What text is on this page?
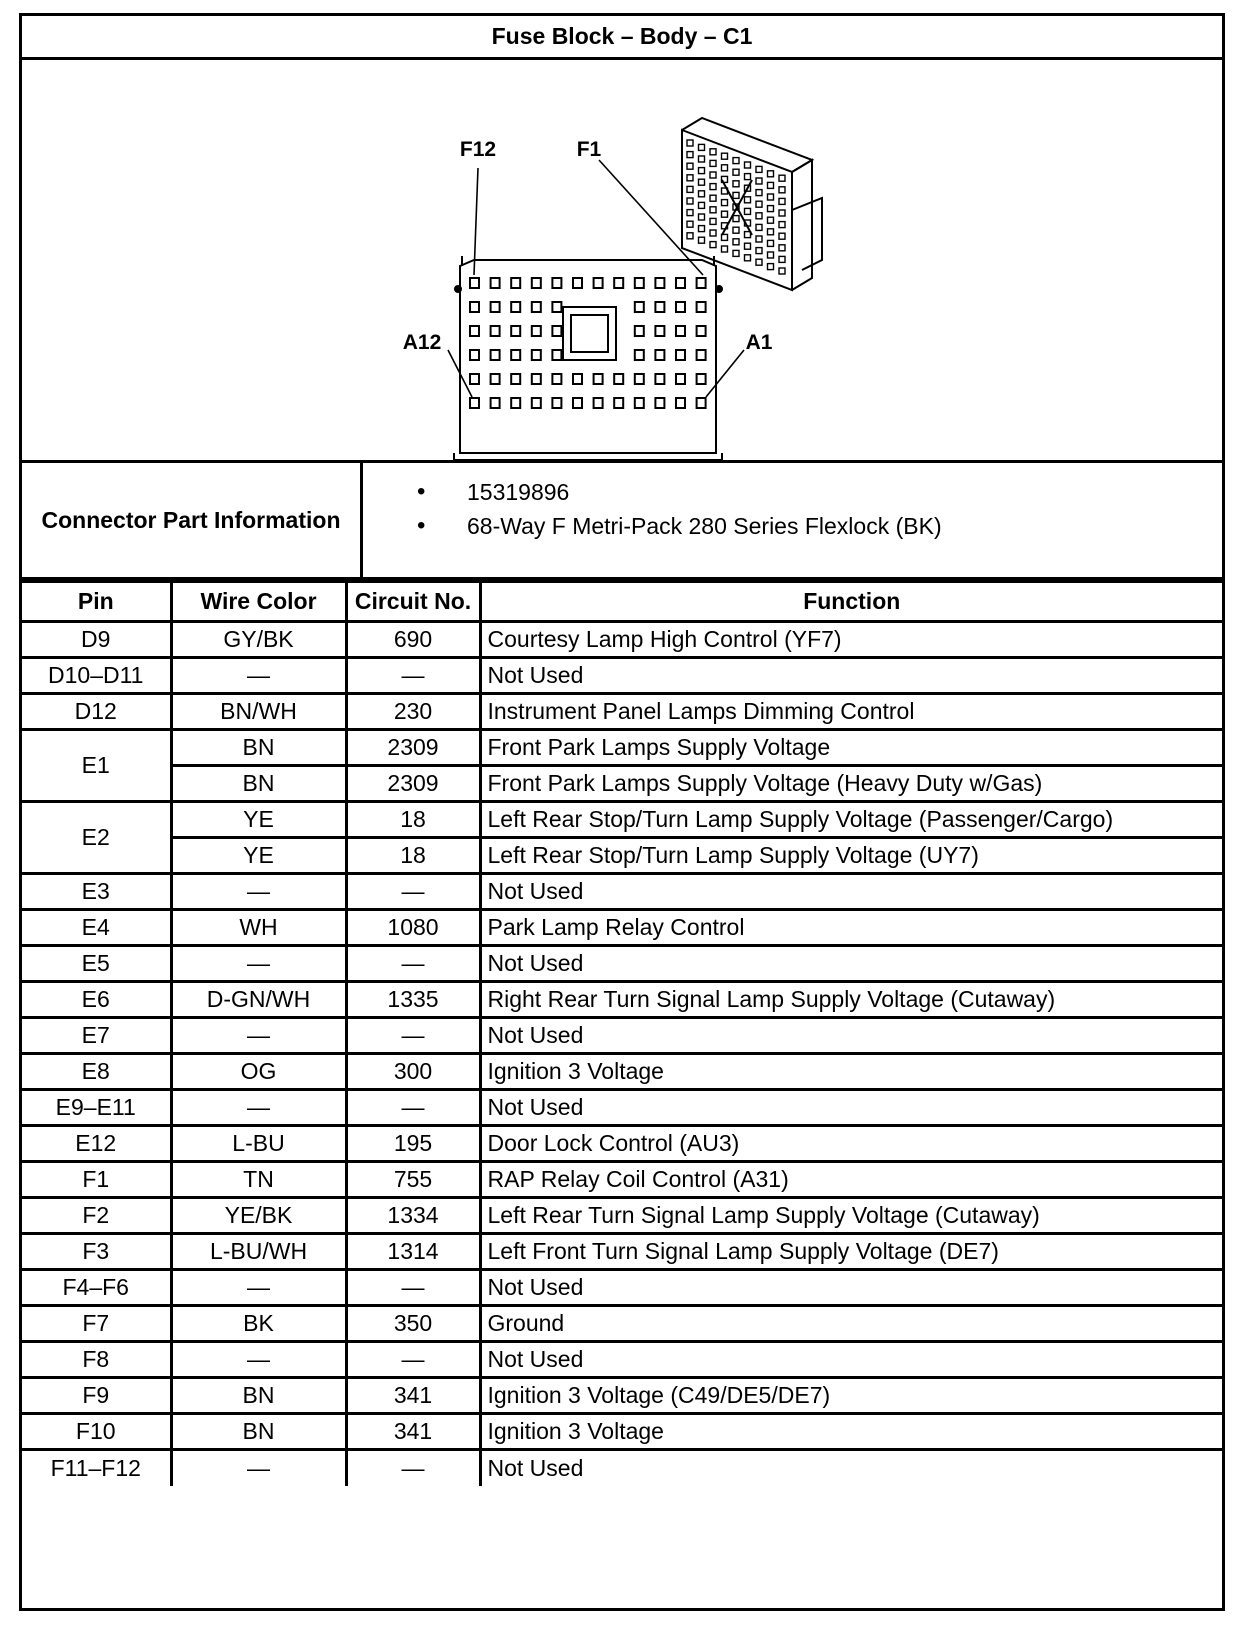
Fuse Block – Body – C1
F12	F1
A12	A1
Connector Part Information
• 15319896
• 68-Way F Metri-Pack 280 Series Flexlock (BK)
Pin	Wire Color	Circuit No.	Function
D9	GY/BK	690	Courtesy Lamp High Control (YF7)
D10–D11	—	—	Not Used
D12	BN/WH	230	Instrument Panel Lamps Dimming Control
E1	BN	2309	Front Park Lamps Supply Voltage
	BN	2309	Front Park Lamps Supply Voltage (Heavy Duty w/Gas)
E2	YE	18	Left Rear Stop/Turn Lamp Supply Voltage (Passenger/Cargo)
	YE	18	Left Rear Stop/Turn Lamp Supply Voltage (UY7)
E3	—	—	Not Used
E4	WH	1080	Park Lamp Relay Control
E5	—	—	Not Used
E6	D-GN/WH	1335	Right Rear Turn Signal Lamp Supply Voltage (Cutaway)
E7	—	—	Not Used
E8	OG	300	Ignition 3 Voltage
E9–E11	—	—	Not Used
E12	L-BU	195	Door Lock Control (AU3)
F1	TN	755	RAP Relay Coil Control (A31)
F2	YE/BK	1334	Left Rear Turn Signal Lamp Supply Voltage (Cutaway)
F3	L-BU/WH	1314	Left Front Turn Signal Lamp Supply Voltage (DE7)
F4–F6	—	—	Not Used
F7	BK	350	Ground
F8	—	—	Not Used
F9	BN	341	Ignition 3 Voltage (C49/DE5/DE7)
F10	BN	341	Ignition 3 Voltage
F11–F12	—	—	Not Used
